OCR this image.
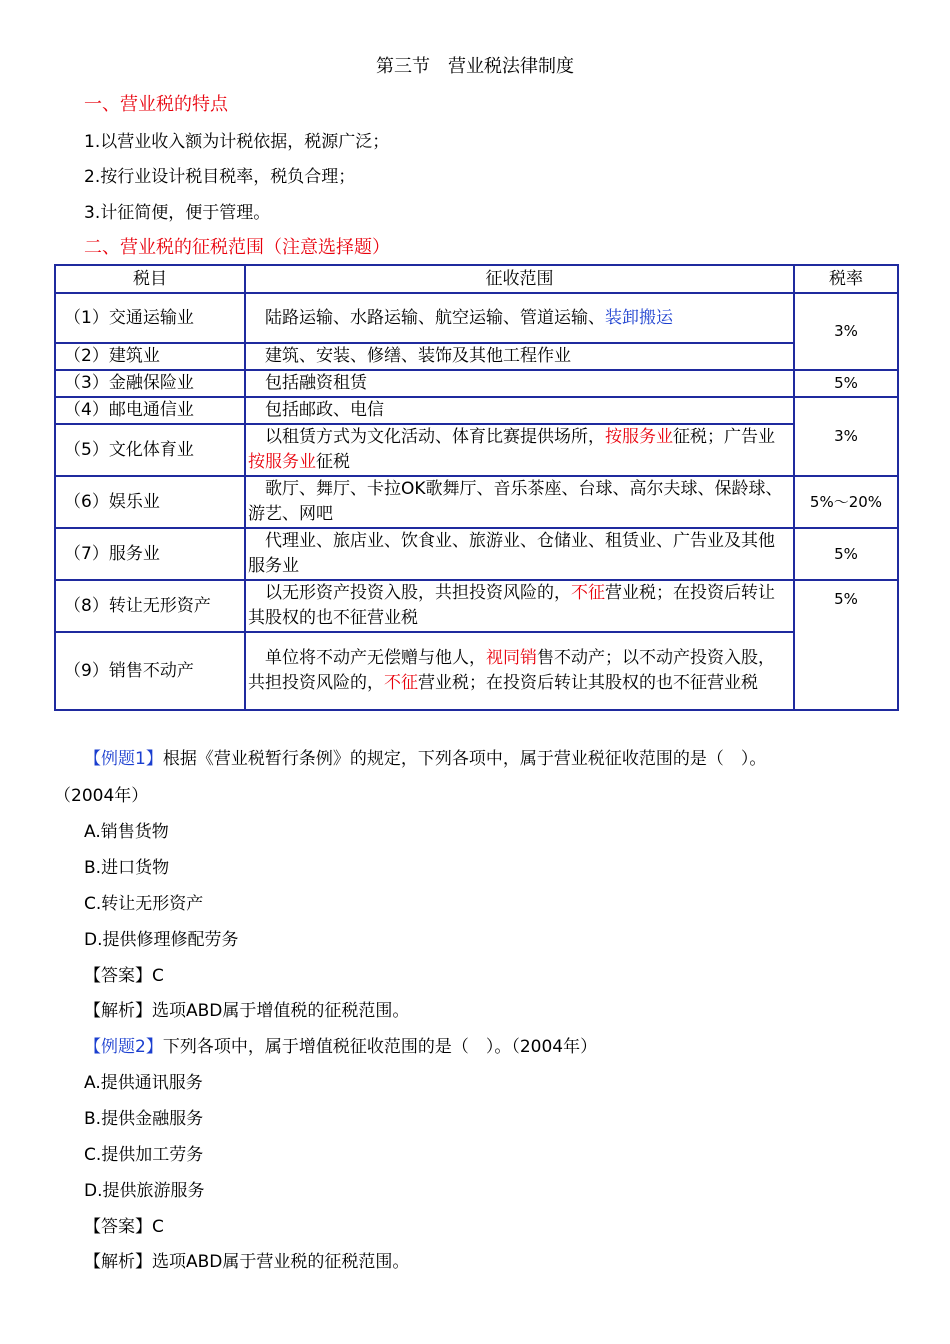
第三节　营业税法律制度
一、营业税的特点
1.以营业收入额为计税依据，税源广泛；
2.按行业设计税目税率，税负合理；
3.计征简便，便于管理。
二、营业税的征税范围（注意选择题）
税目	征收范围	税率
（1）交通运输业	　陆路运输、水路运输、航空运输、管道运输、装卸搬运	3%
（2）建筑业	　建筑、安装、修缮、装饰及其他工程作业	
（3）金融保险业	　包括融资租赁	5%
（4）邮电通信业	　包括邮政、电信	3%
（5）文化体育业	　以租赁方式为文化活动、体育比赛提供场所，按服务业征税；广告业按服务业征税	
（6）娱乐业	　歌厅、舞厅、卡拉OK歌舞厅、音乐茶座、台球、高尔夫球、保龄球、游艺、网吧	5%～20%
（7）服务业	　代理业、旅店业、饮食业、旅游业、仓储业、租赁业、广告业及其他服务业	5%
（8）转让无形资产	　以无形资产投资入股，共担投资风险的，不征营业税；在投资后转让其股权的也不征营业税	5%
（9）销售不动产	　单位将不动产无偿赠与他人，视同销售不动产；以不动产投资入股，共担投资风险的，不征营业税；在投资后转让其股权的也不征营业税	
【例题1】根据《营业税暂行条例》的规定，下列各项中，属于营业税征收范围的是（　）。
（2004年）
A.销售货物
B.进口货物
C.转让无形资产
D.提供修理修配劳务
【答案】C
【解析】选项ABD属于增值税的征税范围。
【例题2】下列各项中，属于增值税征收范围的是（　）。（2004年）
A.提供通讯服务
B.提供金融服务
C.提供加工劳务
D.提供旅游服务
【答案】C
【解析】选项ABD属于营业税的征税范围。
